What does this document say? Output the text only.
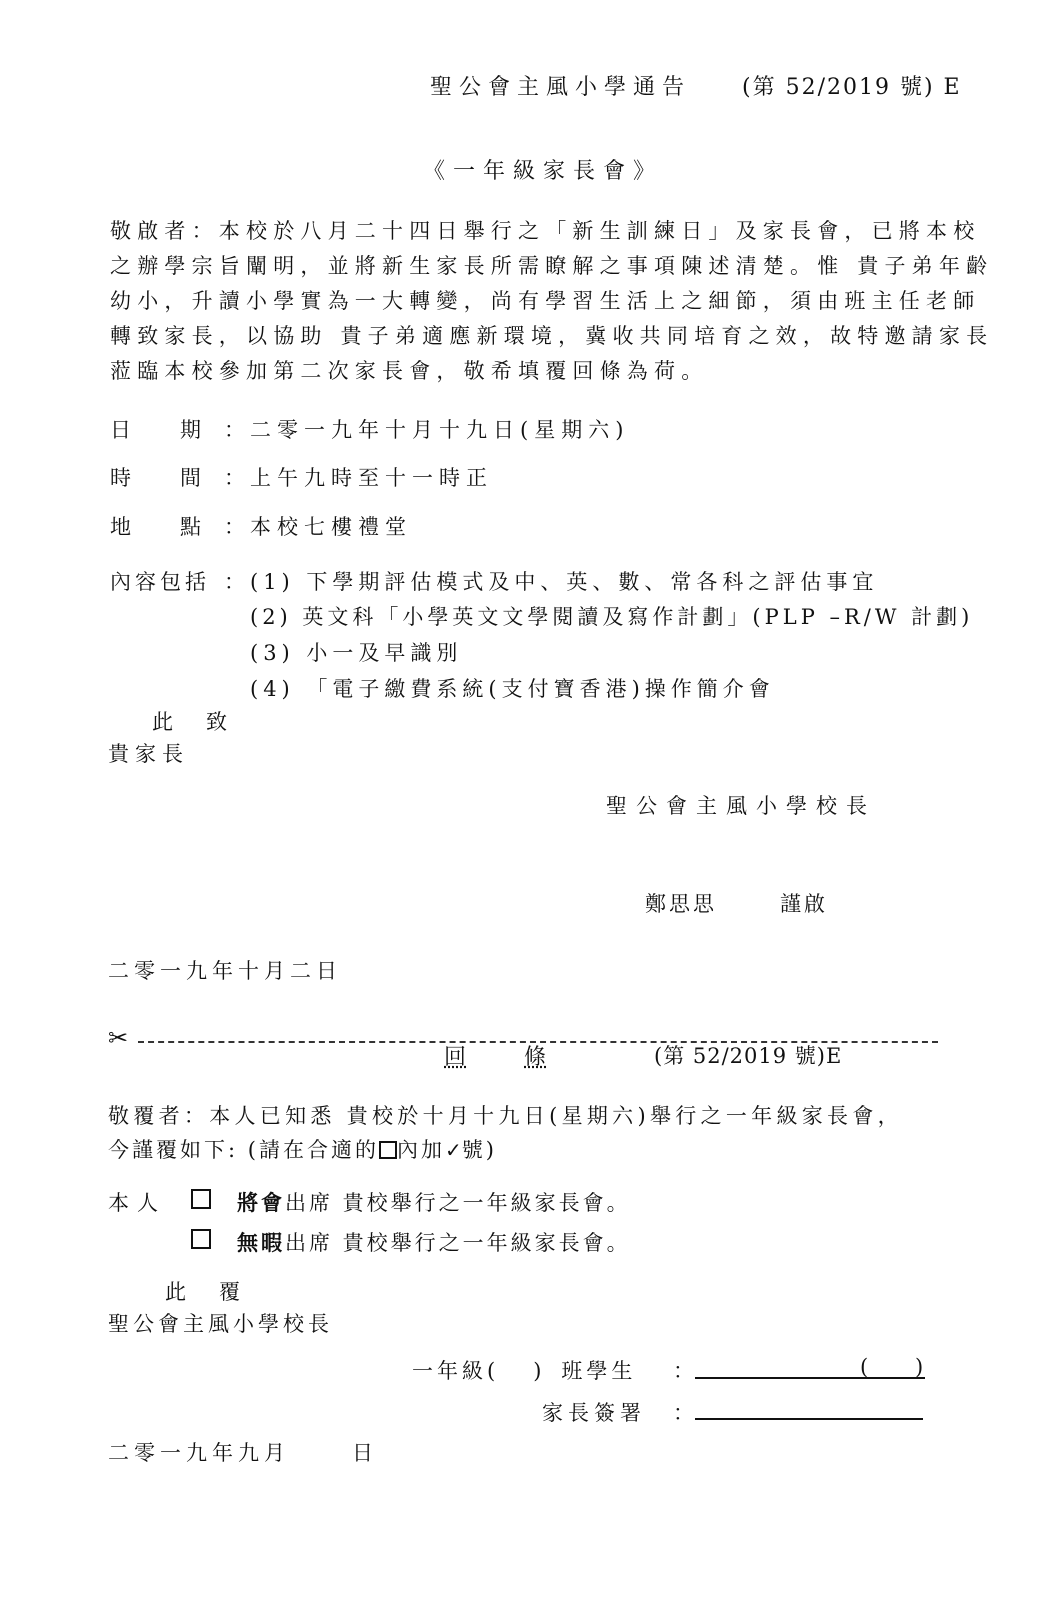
聖公會主風小學通告 (第 52/2019 號) E
《一年級家長會》
敬啟者：本校於八月二十四日舉行之「新生訓練日」及家長會，已將本校
之辦學宗旨闡明，並將新生家長所需瞭解之事項陳述清楚。惟 貴子弟年齡
幼小，升讀小學實為一大轉變，尚有學習生活上之細節，須由班主任老師
轉致家長，以協助 貴子弟適應新環境，冀收共同培育之效，故特邀請家長
蒞臨本校參加第二次家長會，敬希填覆回條為荷。
日 期 ： 二零一九年十月十九日(星期六)
時 間 ： 上午九時至十一時正
地 點 ： 本校七樓禮堂
內容包括 ： (1) 下學期評估模式及中、英、數、常各科之評估事宜
(2) 英文科「小學英文文學閱讀及寫作計劃」(PLP –R/W 計劃)
(3) 小一及早識別
(4) 「電子繳費系統(支付寶香港)操作簡介會
此　致
貴家長
聖公會主風小學校長
鄭思思	謹啟
二零一九年十月二日
✂
回	條	(第 52/2019 號)E
敬覆者：本人已知悉 貴校於十月十九日(星期六)舉行之一年級家長會，
今謹覆如下: (請在合適的 內加✓號)
本人	將會出席 貴校舉行之一年級家長會。
無暇出席 貴校舉行之一年級家長會。
此　覆
聖公會主風小學校長
一年級( ) 班學生 ：	( )
家長簽署 ：
二零一九年九月	日
